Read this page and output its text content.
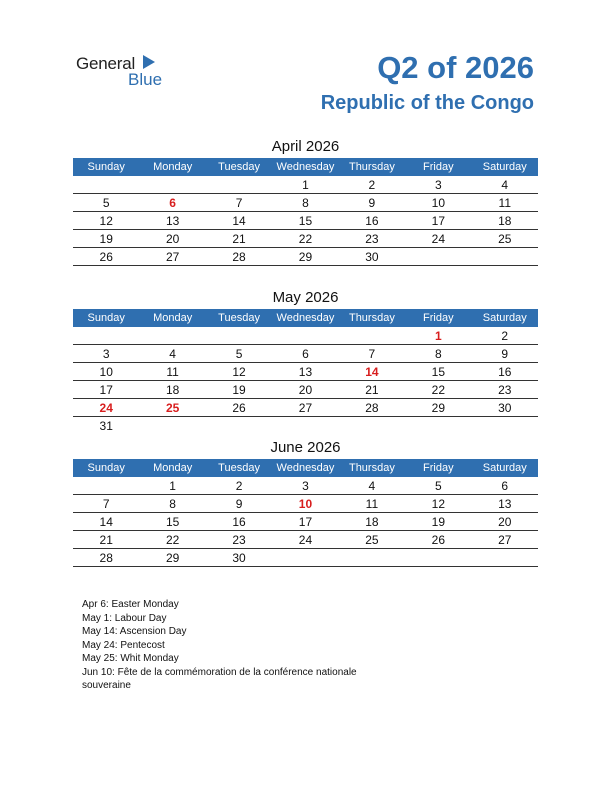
General
Blue	Q2 of 2026
Republic of the Congo
April 2026
Sunday	Monday	Tuesday	Wednesday	Thursday	Friday	Saturday
			1	2	3	4
5	6	7	8	9	10	11
12	13	14	15	16	17	18
19	20	21	22	23	24	25
26	27	28	29	30		
May 2026
Sunday	Monday	Tuesday	Wednesday	Thursday	Friday	Saturday
					1	2
3	4	5	6	7	8	9
10	11	12	13	14	15	16
17	18	19	20	21	22	23
24	25	26	27	28	29	30
31						
June 2026
Sunday	Monday	Tuesday	Wednesday	Thursday	Friday	Saturday
	1	2	3	4	5	6
7	8	9	10	11	12	13
14	15	16	17	18	19	20
21	22	23	24	25	26	27
28	29	30				
Apr 6: Easter Monday
May 1: Labour Day
May 14: Ascension Day
May 24: Pentecost
May 25: Whit Monday
Jun 10: Fête de la commémoration de la conférence nationale souveraine
